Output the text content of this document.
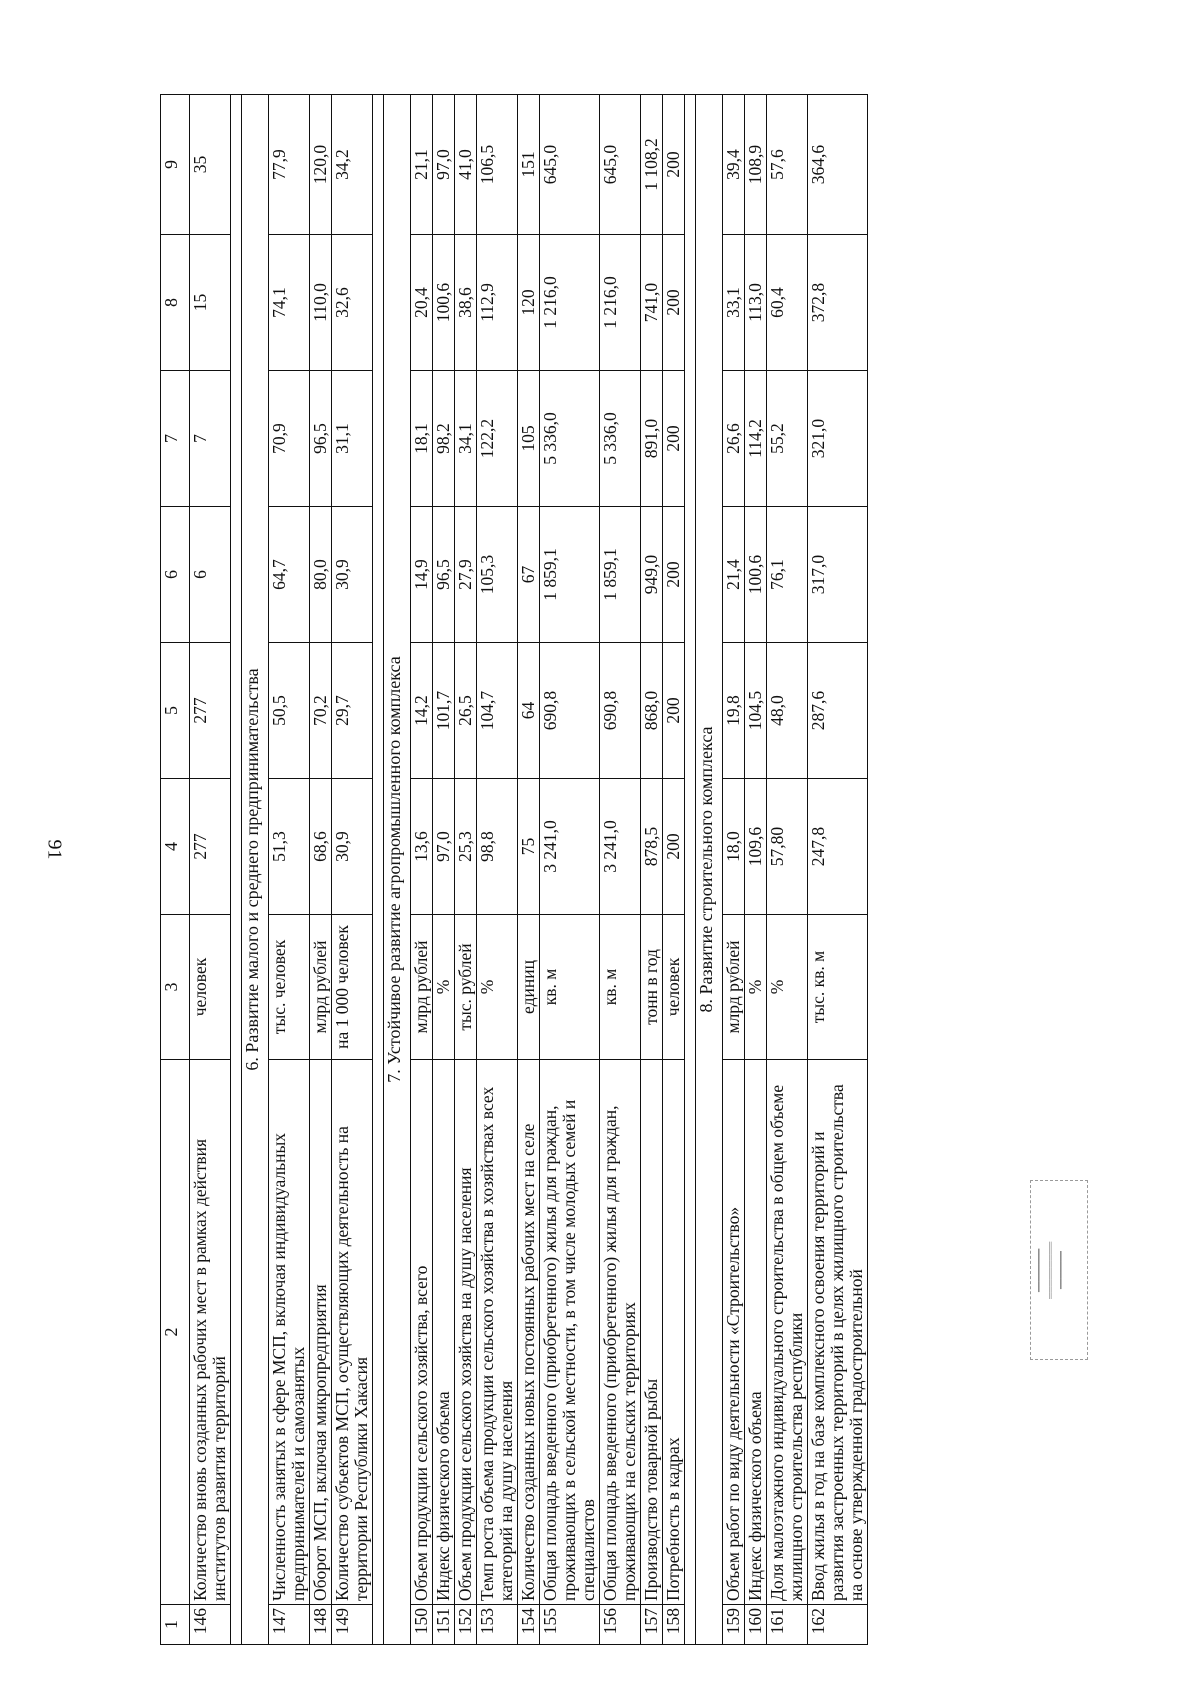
91
1	2	3	4	5	6	7	8	9
146	Количество вновь созданных рабочих мест в рамках действия институтов развития территорий	человек	277	277	6	7	15	35

6. Развитие малого и среднего предпринимательства								
147	Численность занятых в сфере МСП, включая индивидуальных предпринимателей и самозанятых	тыс. человек	51,3	50,5	64,7	70,9	74,1	77,9
148	Оборот МСП, включая микропредприятия	млрд рублей	68,6	70,2	80,0	96,5	110,0	120,0
149	Количество субъектов МСП, осуществляющих деятельность на территории Республики Хакасия	на 1 000 человек	30,9	29,7	30,9	31,1	32,6	34,2

7. Устойчивое развитие агропромышленного комплекса								
150	Объем продукции сельского хозяйства, всего	млрд рублей	13,6	14,2	14,9	18,1	20,4	21,1
151	Индекс физического объема	%	97,0	101,7	96,5	98,2	100,6	97,0
152	Объем продукции сельского хозяйства на душу населения	тыс. рублей	25,3	26,5	27,9	34,1	38,6	41,0
153	Темп роста объема продукции сельского хозяйства в хозяйствах всех категорий на душу населения	%	98,8	104,7	105,3	122,2	112,9	106,5
154	Количество созданных новых постоянных рабочих мест на селе	единиц	75	64	67	105	120	151
155	Общая площадь введенного (приобретенного) жилья для граждан, проживающих в сельской местности, в том числе молодых семей и специалистов	кв. м	3 241,0	690,8	1 859,1	5 336,0	1 216,0	645,0
156	Общая площадь введенного (приобретенного) жилья для граждан, проживающих на сельских территориях	кв. м	3 241,0	690,8	1 859,1	5 336,0	1 216,0	645,0
157	Производство товарной рыбы	тонн в год	878,5	868,0	949,0	891,0	741,0	1 108,2
158	Потребность в кадрах	человек	200	200	200	200	200	200

8. Развитие строительного комплекса								
159	Объем работ по виду деятельности «Строительство»	млрд рублей	18,0	19,8	21,4	26,6	33,1	39,4
160	Индекс физического объема	%	109,6	104,5	100,6	114,2	113,0	108,9
161	Доля малоэтажного индивидуального строительства в общем объеме жилищного строительства республики	%	57,80	48,0	76,1	55,2	60,4	57,6
162	Ввод жилья в год на базе комплексного освоения территорий и развития застроенных территорий в целях жилищного строительства на основе утвержденной градостроительной	тыс. кв. м	247,8	287,6	317,0	321,0	372,8	364,6
━━━━━━━━
═════════
━━━━━━━
